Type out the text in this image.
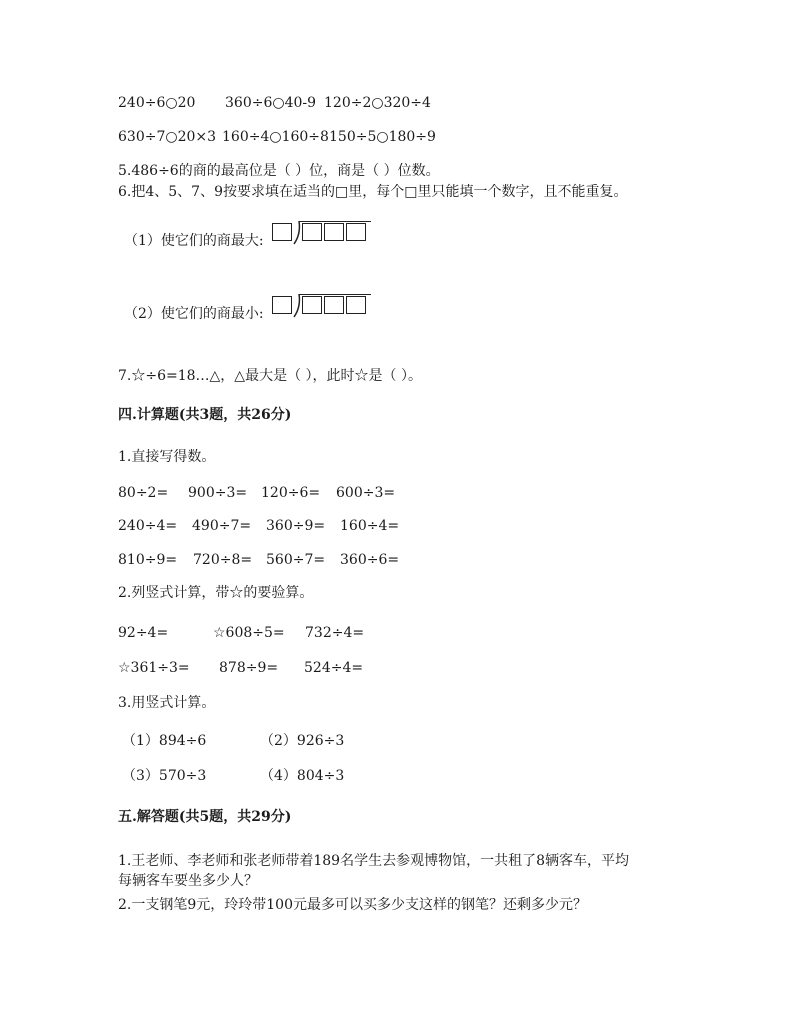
240÷6○20 360÷6○40-9 120÷2○320÷4
630÷7○20×3 160÷4○160÷8 150÷5○180÷9
5.486÷6的商的最高位是（ ）位，商是（ ）位数。
6.把4、5、7、9按要求填在适当的□里，每个□里只能填一个数字，且不能重复。
（1）使它们的商最大:
（2）使它们的商最小:
7.☆÷6=18…△，△最大是（ ），此时☆是（ ）。
四.计算题(共3题，共26分)
1.直接写得数。
80÷2= 900÷3= 120÷6= 600÷3=
240÷4= 490÷7= 360÷9= 160÷4=
810÷9= 720÷8= 560÷7= 360÷6=
2.列竖式计算，带☆的要验算。
92÷4=	☆608÷5= 732÷4=
☆361÷3= 878÷9= 524÷4=
3.用竖式计算。
（1）894÷6	（2）926÷3
（3）570÷3	（4）804÷3
五.解答题(共5题，共29分)
1.王老师、李老师和张老师带着189名学生去参观博物馆，一共租了8辆客车，平均
每辆客车要坐多少人？
2.一支钢笔9元，玲玲带100元最多可以买多少支这样的钢笔？还剩多少元？
